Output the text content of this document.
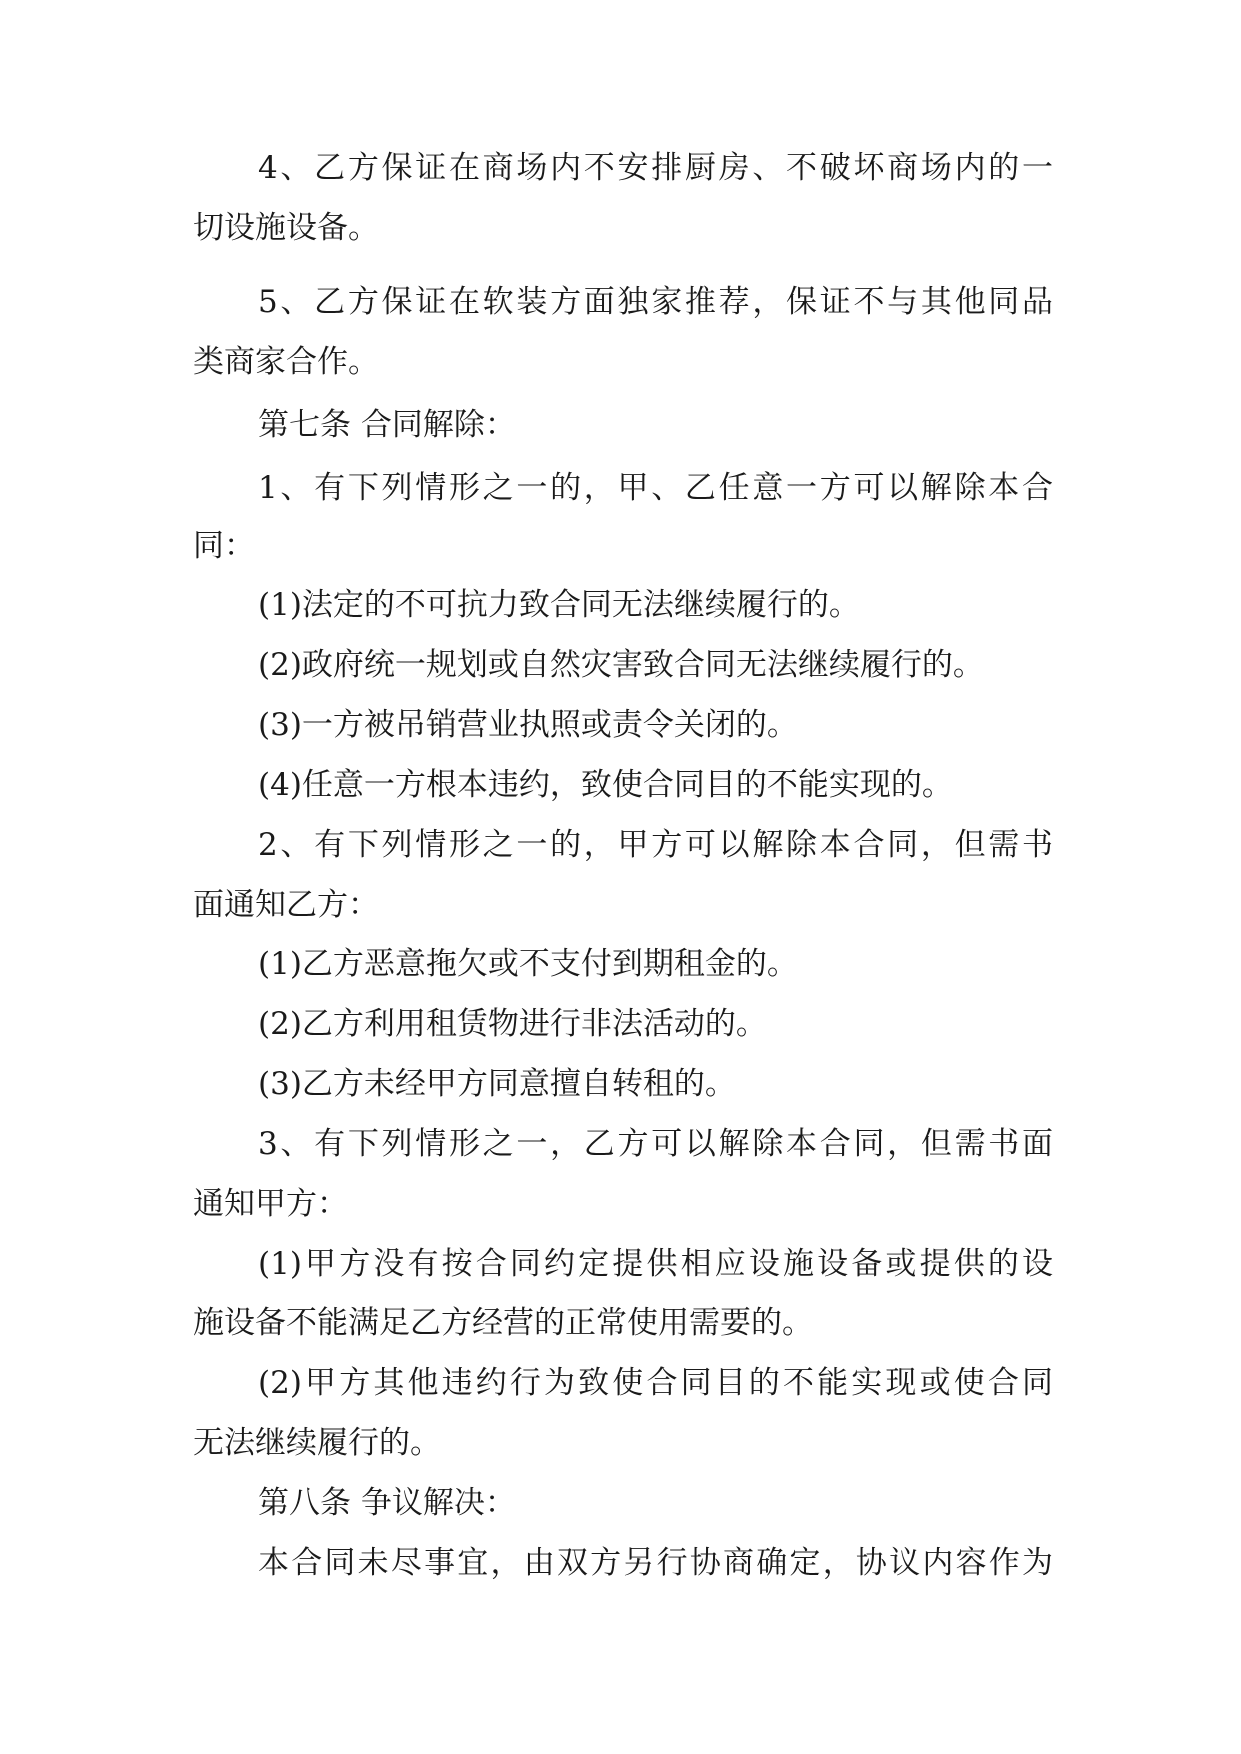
4、乙方保证在商场内不安排厨房、不破坏商场内的一

切设施设备。

5、乙方保证在软装方面独家推荐，保证不与其他同品

类商家合作。

第七条 合同解除：

1、有下列情形之一的，甲、乙任意一方可以解除本合

同：

(1)法定的不可抗力致合同无法继续履行的。

(2)政府统一规划或自然灾害致合同无法继续履行的。

(3)一方被吊销营业执照或责令关闭的。

(4)任意一方根本违约，致使合同目的不能实现的。

2、有下列情形之一的，甲方可以解除本合同，但需书

面通知乙方：

(1)乙方恶意拖欠或不支付到期租金的。

(2)乙方利用租赁物进行非法活动的。

(3)乙方未经甲方同意擅自转租的。

3、有下列情形之一，乙方可以解除本合同，但需书面

通知甲方：

(1)甲方没有按合同约定提供相应设施设备或提供的设

施设备不能满足乙方经营的正常使用需要的。

(2)甲方其他违约行为致使合同目的不能实现或使合同

无法继续履行的。

第八条 争议解决：

本合同未尽事宜，由双方另行协商确定，协议内容作为
